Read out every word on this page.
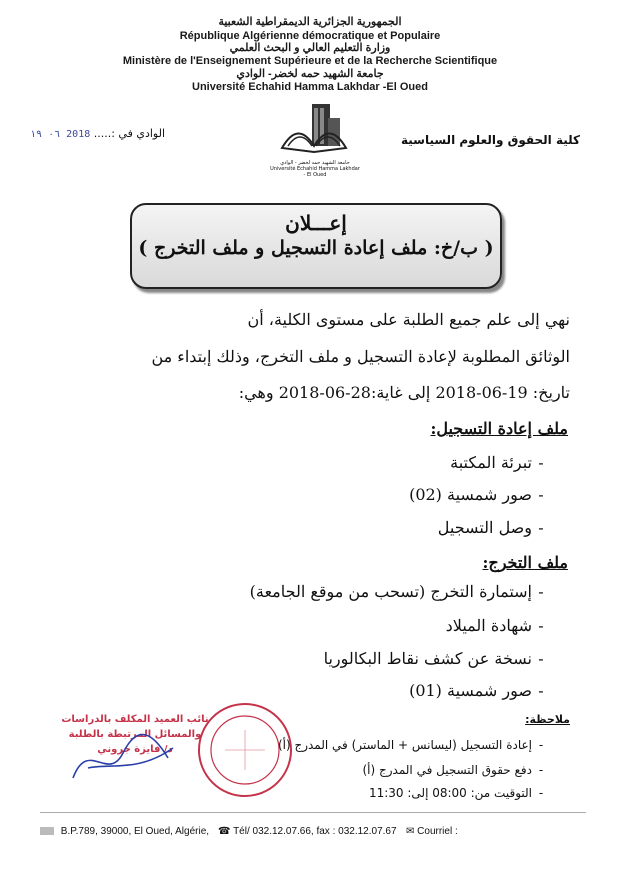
الجمهورية الجزائرية الديمقراطية الشعبية
République Algérienne démocratique et Populaire
وزارة التعليم العالي و البحث العلمي
Ministère de l'Enseignement Supérieure et de la Recherche Scientifique
جامعة الشهيد حمه لخضر- الوادي
Université Echahid Hamma Lakhdar -El Oued
الوادي في :..... 2018 ٠٦ ١٩
جامعة الشهيد حمه لخضر - الوادي
Université Echahid Hamma Lakhdar - El Oued
كلية الحقوق والعلوم السياسية
إعـــلان
( ب/خ: ملف إعادة التسجيل و ملف التخرج )
نهي إلى علم جميع الطلبة على مستوى الكلية، أن
الوثائق المطلوبة لإعادة التسجيل و ملف التخرج، وذلك إبتداء من
تاريخ: 19-06-2018 إلى غاية:28-06-2018 وهي:
ملف إعادة التسجيل:
-تبرئة المكتبة
-صور شمسية (02)
-وصل التسجيل
ملف التخرج:
-إستمارة التخرج (تسحب من موقع الجامعة)
-شهادة الميلاد
-نسخة عن كشف نقاط البكالوريا
-صور شمسية (01)
ملاحظة:
-إعادة التسجيل (ليسانس + الماستر) في المدرج (أ)
-دفع حقوق التسجيل في المدرج (أ)
-التوقيت من: 08:00 إلى: 11:30
نائب العميد المكلف بالدراسات
والمسائل المرتبطة بالطلبة
د/ فايزة جروني
B.P.789, 39000, El Oued, Algérie, ☎ Tél/ 032.12.07.66, fax : 032.12.07.67 ✉ Courriel :
